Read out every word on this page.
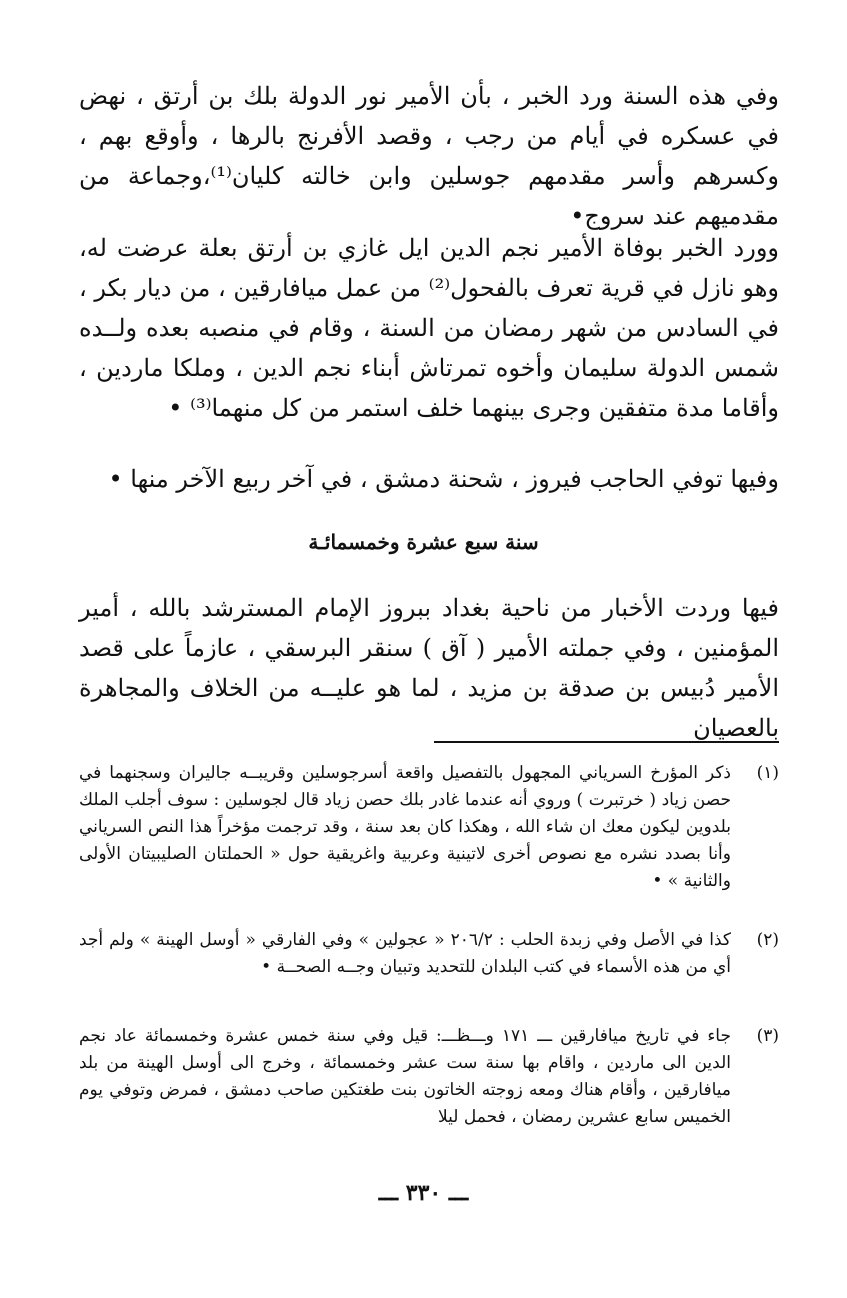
وفي هذه السنة ورد الخبر ، بأن الأمير نور الدولة بلك بن أرتق ، نهض في عسكره في أيام من رجب ، وقصد الأفرنج بالرها ، وأوقع بهم ، وكسرهم وأسر مقدمهم جوسلين وابن خالته كليان⁽¹⁾،وجماعة من مقدميهم عند سروج•

وورد الخبر بوفاة الأمير نجم الدين ايل غازي بن أرتق بعلة عرضت له، وهو نازل في قرية تعرف بالفحول⁽²⁾ من عمل ميافارقين ، من ديار بكر ، في السادس من شهر رمضان من السنة ، وقام في منصبه بعده ولــده شمس الدولة سليمان وأخوه تمرتاش أبناء نجم الدين ، وملكا ماردين ، وأقاما مدة متفقين وجرى بينهما خلف استمر من كل منهما⁽³⁾ •

وفيها توفي الحاجب فيروز ، شحنة دمشق ، في آخر ربيع الآخر منها •

سنة سبع عشرة وخمسمائـة

فيها وردت الأخبار من ناحية بغداد ببروز الإمام المسترشد بالله ، أمير المؤمنين ، وفي جملته الأمير ( آق ) سنقر البرسقي ، عازماً على قصد الأمير دُبيس بن صدقة بن مزيد ، لما هو عليــه من الخلاف والمجاهرة بالعصيان

(١)

ذكر المؤرخ السرياني المجهول بالتفصيل واقعة أسرجوسلين وقريبــه جاليران وسجنهما في حصن زياد ( خرتبرت ) وروي أنه عندما غادر بلك حصن زياد قال لجوسلين : سوف أجلب الملك بلدوين ليكون معك ان شاء الله ، وهكذا كان بعد سنة ، وقد ترجمت مؤخراً هذا النص السرياني وأنا بصدد نشره مع نصوص أخرى لاتينية وعربية واغريقية حول « الحملتان الصليبيتان الأولى والثانية » •

(٢)

كذا في الأصل وفي زبدة الحلب : ٢٠٦/٢ « عجولين » وفي الفارقي « أوسل الهينة » ولم أجد أي من هذه الأسماء في كتب البلدان للتحديد وتبيان وجــه الصحــة •

(٣)

جاء في تاريخ ميافارقين ـــ ١٧١ وـــظـــ: قيل وفي سنة خمس عشرة وخمسمائة عاد نجم الدين الى ماردين ، واقام بها سنة ست عشر وخمسمائة ، وخرج الى أوسل الهينة من بلد ميافارقين ، وأقام هناك ومعه زوجته الخاتون بنت طغتكين صاحب دمشق ، فمرض وتوفي يوم الخميس سابع عشرين رمضان ، فحمل ليلا

ـــ ٣٣٠ ـــ
